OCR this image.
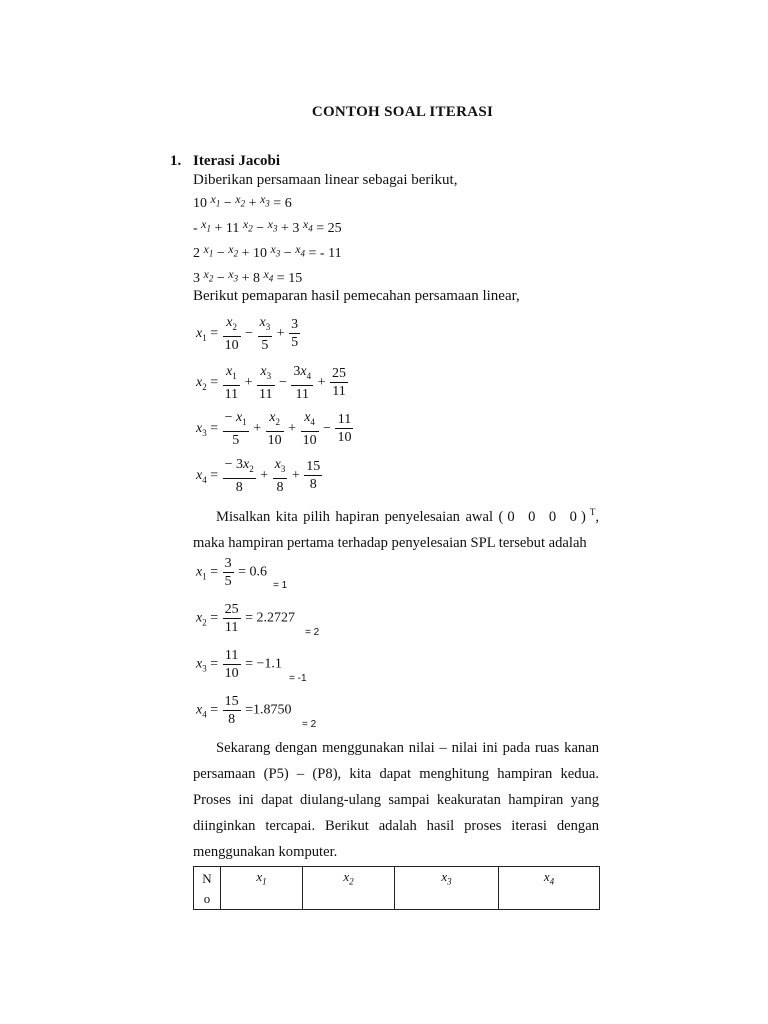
CONTOH SOAL ITERASI
1. Iterasi Jacobi
Diberikan persamaan linear sebagai berikut,
10 $x_1 - x_2 + x_3 = 6$
- $x_1 + 11$ $x_2 - x_3 + 3$ $x_4 = 25$
2 $x_1 - x_2 + 10$ $x_3 - x_4$ = - 11
3 $x_2 - x_3 + 8$ $x_4 = 15$
Berikut pemaparan hasil pemecahan persamaan linear,
$x_1 = \frac{x_2}{10} - \frac{x_3}{5} + \frac{3}{5}$
$x_2 = \frac{x_1}{11} + \frac{x_3}{11} - \frac{3x_4}{11} + \frac{25}{11}$
$x_3 = \frac{- x_1}{5} + \frac{x_2}{10} + \frac{x_4}{10} - \frac{11}{10}$
$x_4 = \frac{- 3x_2}{8} + \frac{x_3}{8} + \frac{15}{8}$
Misalkan kita pilih hapiran penyelesaian awal (0 0 0 0)$^T$, maka hampiran pertama terhadap penyelesaian SPL tersebut adalah
$x_1 = \frac{3}{5} = 0.6$
= 1
$x_2 = \frac{25}{11} = 2.2727$
= 2
$x_3 = \frac{11}{10} = -1.1$
= -1
$x_4 = \frac{15}{8} =1.8750$
= 2
Sekarang dengan menggunakan nilai – nilai ini pada ruas kanan persamaan (P5) – (P8), kita dapat menghitung hampiran kedua. Proses ini dapat diulang-ulang sampai keakuratan hampiran yang diinginkan tercapai. Berikut adalah hasil proses iterasi dengan menggunakan komputer.
N
o	$x_1$	$x_2$	$x_3$	$x_4$
